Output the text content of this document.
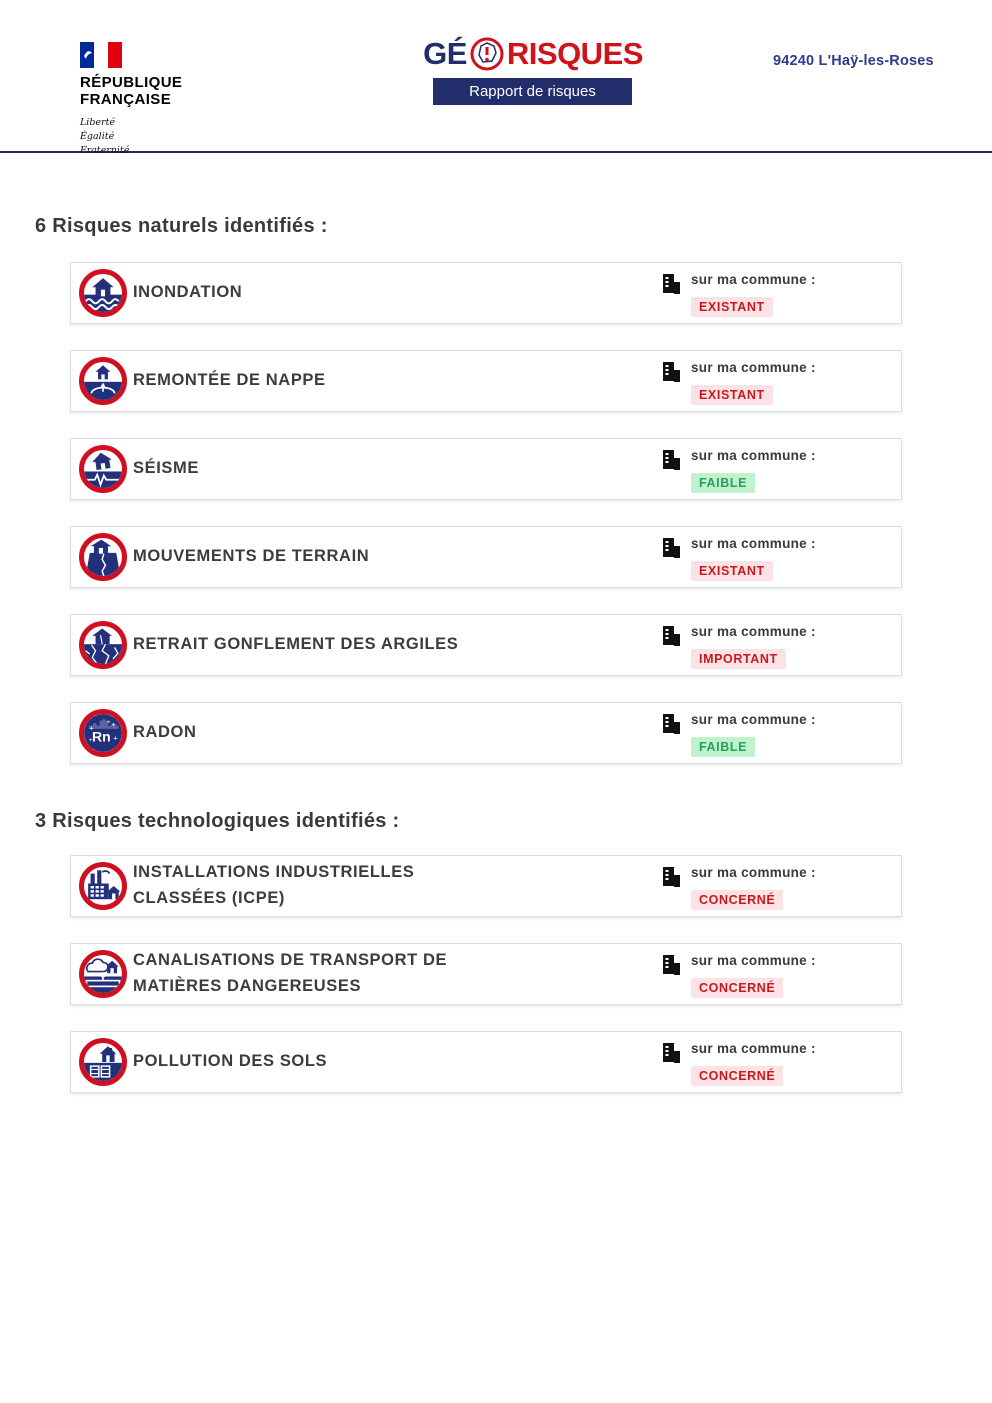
RÉPUBLIQUE
FRANÇAISE
Liberté
Égalité
Fraternité
GÉ RISQUES
Rapport de risques
94240 L'Haÿ-les-Roses
6 Risques naturels identifiés :
INONDATION
sur ma commune :
EXISTANT
REMONTÉE DE NAPPE
sur ma commune :
EXISTANT
SÉISME
sur ma commune :
FAIBLE
MOUVEMENTS DE TERRAIN
sur ma commune :
EXISTANT
RETRAIT GONFLEMENT DES ARGILES
sur ma commune :
IMPORTANT
Rn
+ +
+
+
+ RADON
sur ma commune :
FAIBLE
3 Risques technologiques identifiés :
INSTALLATIONS INDUSTRIELLES CLASSÉES (ICPE)
sur ma commune :
CONCERNÉ
CANALISATIONS DE TRANSPORT DE MATIÈRES DANGEREUSES
sur ma commune :
CONCERNÉ
POLLUTION DES SOLS
sur ma commune :
CONCERNÉ
